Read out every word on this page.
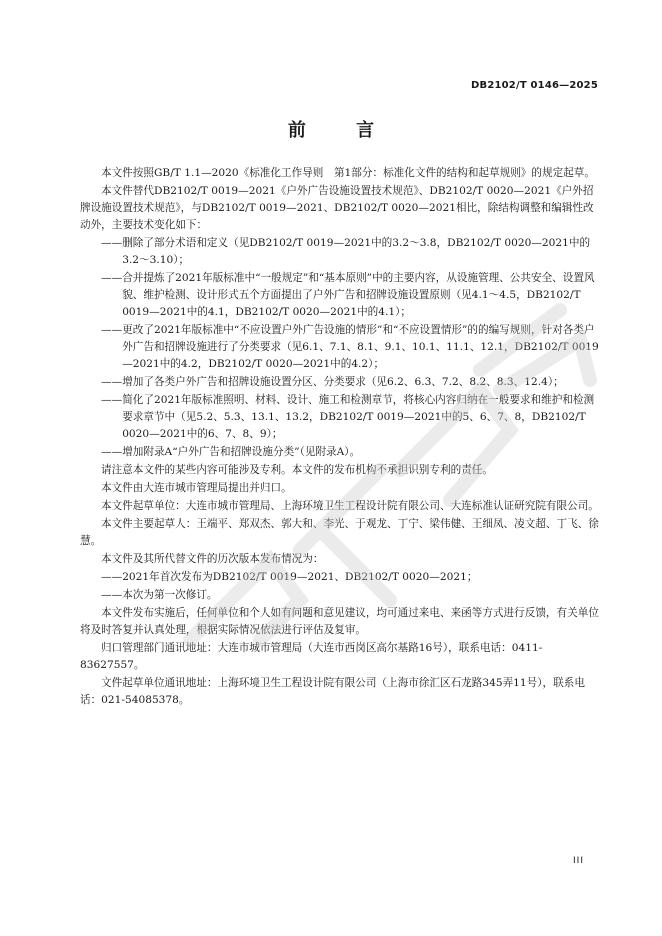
DB2102/T 0146—2025
前 言

本文件按照GB/T 1.1—2020《标准化工作导则　第1部分：标准化文件的结构和起草规则》的规定起草。

本文件替代DB2102/T 0019—2021《户外广告设施设置技术规范》、DB2102/T 0020—2021《户外招牌设施设置技术规范》，与DB2102/T 0019—2021、DB2102/T 0020—2021相比，除结构调整和编辑性改动外，主要技术变化如下：

—— 删除了部分术语和定义（见DB2102/T 0019—2021中的3.2～3.8，DB2102/T 0020—2021中的3.2～3.10）；
—— 合并提炼了2021年版标准中“一般规定”和“基本原则”中的主要内容，从设施管理、公共安全、设置风貌、维护检测、设计形式五个方面提出了户外广告和招牌设施设置原则（见4.1～4.5，DB2102/T 0019—2021中的4.1，DB2102/T 0020—2021中的4.1）；
—— 更改了2021年版标准中“不应设置户外广告设施的情形”和“不应设置情形”的的编写规则，针对各类户外广告和招牌设施进行了分类要求（见6.1、7.1、8.1、9.1、10.1、11.1、12.1，DB2102/T 0019—2021中的4.2，DB2102/T 0020—2021中的4.2）；
—— 增加了各类户外广告和招牌设施设置分区、分类要求（见6.2、6.3、7.2、8.2、8.3、12.4）；
—— 简化了2021年版标准照明、材料、设计、施工和检测章节，将核心内容归纳在一般要求和维护和检测要求章节中（见5.2、5.3、13.1、13.2，DB2102/T 0019—2021中的5、6、7、8，DB2102/T 0020—2021中的6、7、8、9）；
—— 增加附录A“户外广告和招牌设施分类”（见附录A）。

请注意本文件的某些内容可能涉及专利。本文件的发布机构不承担识别专利的责任。

本文件由大连市城市管理局提出并归口。

本文件起草单位：大连市城市管理局、上海环境卫生工程设计院有限公司、大连标准认证研究院有限公司。

本文件主要起草人：王端平、郑双杰、郭大和、李光、于观龙、丁宁、梁伟健、王细凤、凌文超、丁飞、徐慧。

本文件及其所代替文件的历次版本发布情况为：

—— 2021年首次发布为DB2102/T 0019—2021、DB2102/T 0020—2021；
—— 本次为第一次修订。

本文件发布实施后，任何单位和个人如有问题和意见建议，均可通过来电、来函等方式进行反馈，有关单位将及时答复并认真处理，根据实际情况依法进行评估及复审。

归口管理部门通讯地址：大连市城市管理局（大连市西岗区高尔基路16号），联系电话：0411-83627557。

文件起草单位通讯地址：上海环境卫生工程设计院有限公司（上海市徐汇区石龙路345弄11号），联系电话：021-54085378。

III
